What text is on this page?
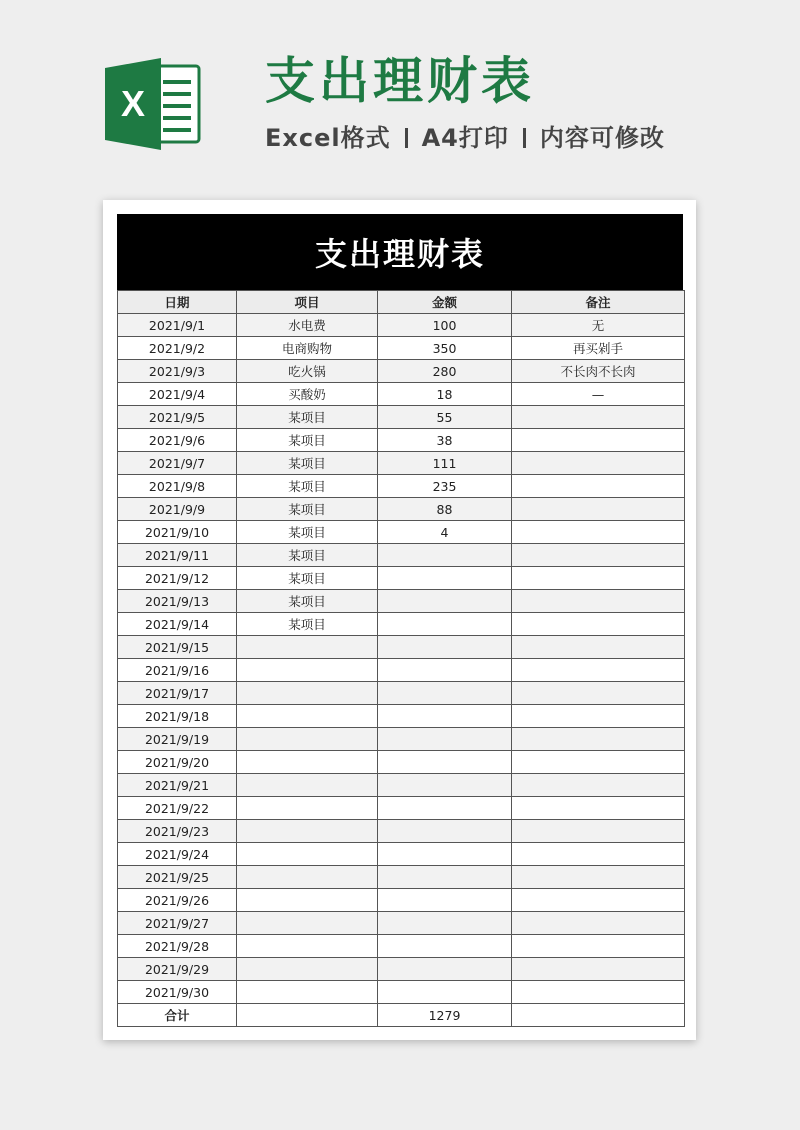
X 支出理财表
Excel格式 A4打印 内容可修改
支出理财表
日期	项目	金额	备注
2021/9/1	水电费	100	无
2021/9/2	电商购物	350	再买剁手
2021/9/3	吃火锅	280	不长肉不长肉
2021/9/4	买酸奶	18	—
2021/9/5	某项目	55	
2021/9/6	某项目	38	
2021/9/7	某项目	111	
2021/9/8	某项目	235	
2021/9/9	某项目	88	
2021/9/10	某项目	4	
2021/9/11	某项目		
2021/9/12	某项目		
2021/9/13	某项目		
2021/9/14	某项目		
2021/9/15			
2021/9/16			
2021/9/17			
2021/9/18			
2021/9/19			
2021/9/20			
2021/9/21			
2021/9/22			
2021/9/23			
2021/9/24			
2021/9/25			
2021/9/26			
2021/9/27			
2021/9/28			
2021/9/29			
2021/9/30			
合计		1279	
